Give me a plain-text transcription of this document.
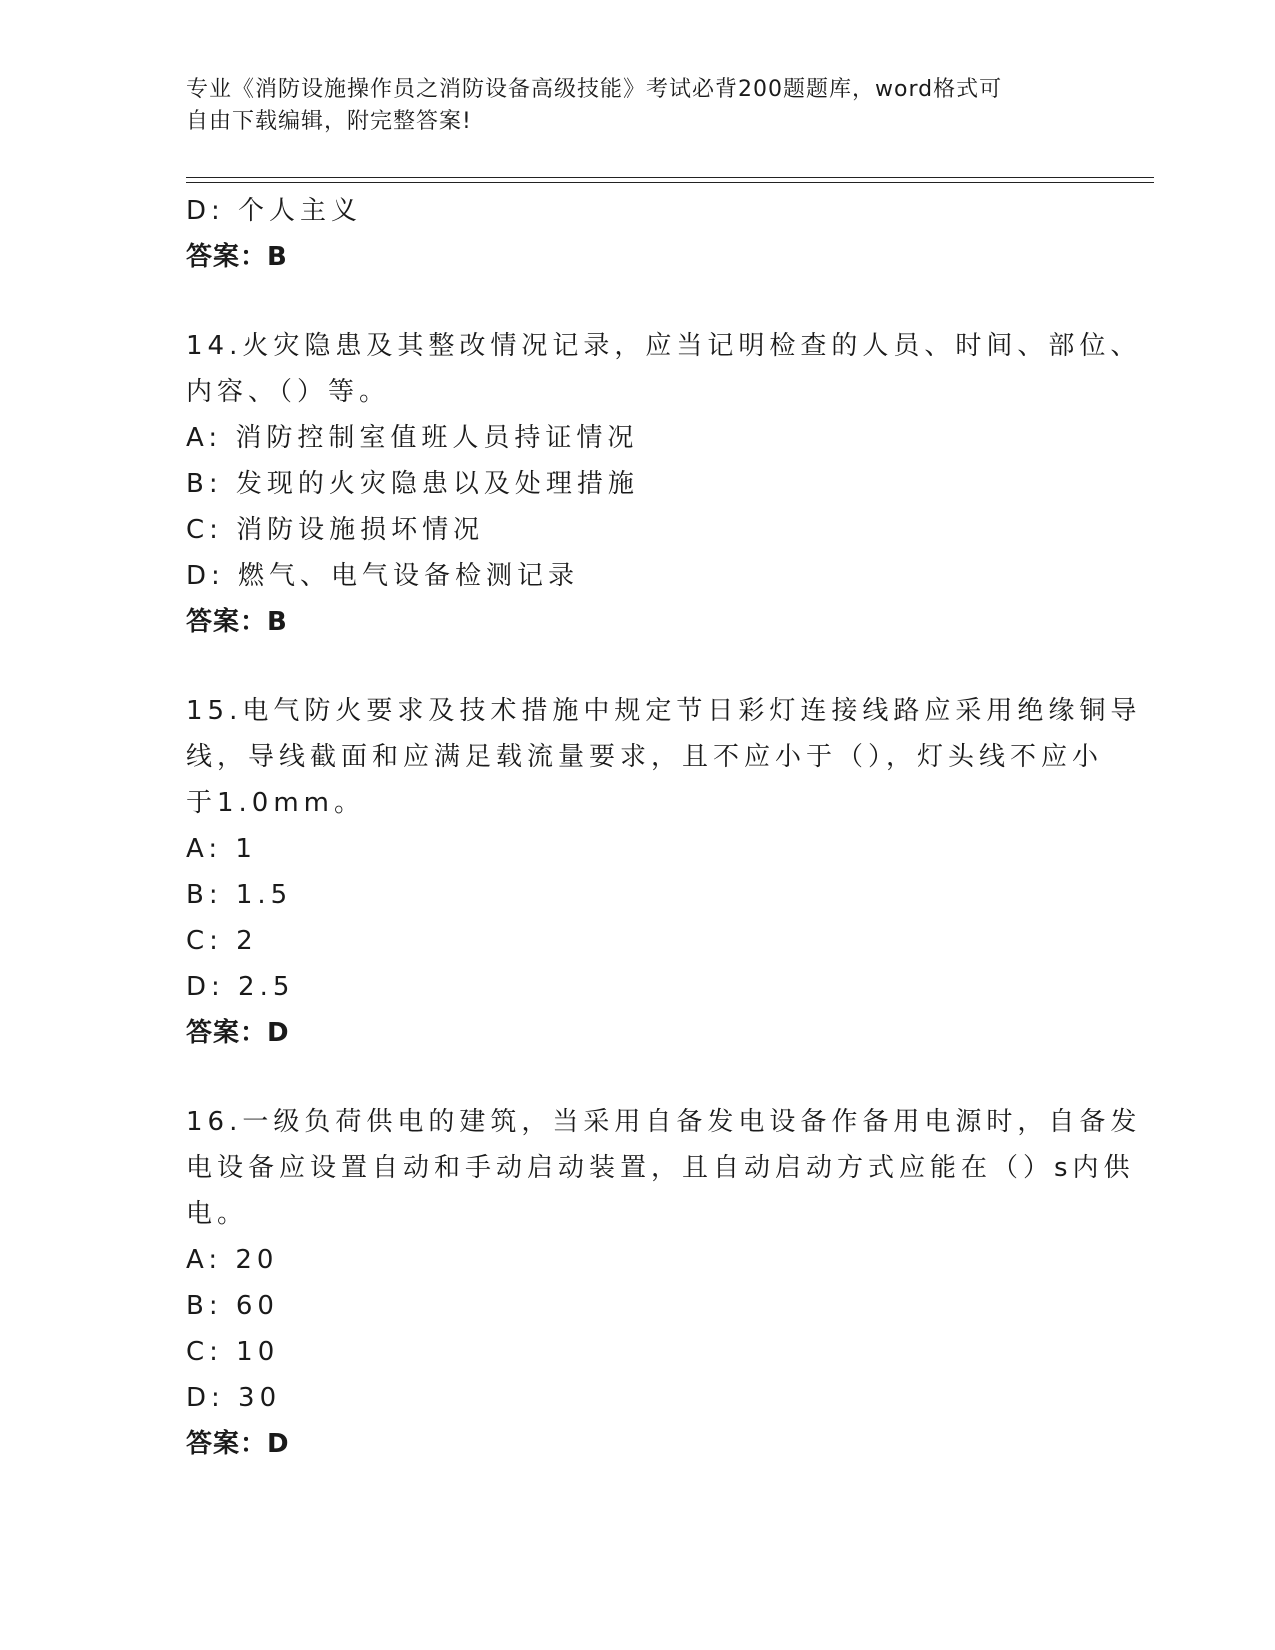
专业《消防设施操作员之消防设备高级技能》考试必背200题题库，word格式可
自由下载编辑，附完整答案!
D: 个人主义
答案：B
14.火灾隐患及其整改情况记录，应当记明检查的人员、时间、部位、
内容、（）等。
A: 消防控制室值班人员持证情况
B: 发现的火灾隐患以及处理措施
C: 消防设施损坏情况
D: 燃气、电气设备检测记录
答案：B
15.电气防火要求及技术措施中规定节日彩灯连接线路应采用绝缘铜导
线，导线截面和应满足载流量要求，且不应小于（），灯头线不应小
于1.0mm。
A: 1
B: 1.5
C: 2
D: 2.5
答案：D
16.一级负荷供电的建筑，当采用自备发电设备作备用电源时，自备发
电设备应设置自动和手动启动装置，且自动启动方式应能在（）s内供
电。
A: 20
B: 60
C: 10
D: 30
答案：D
